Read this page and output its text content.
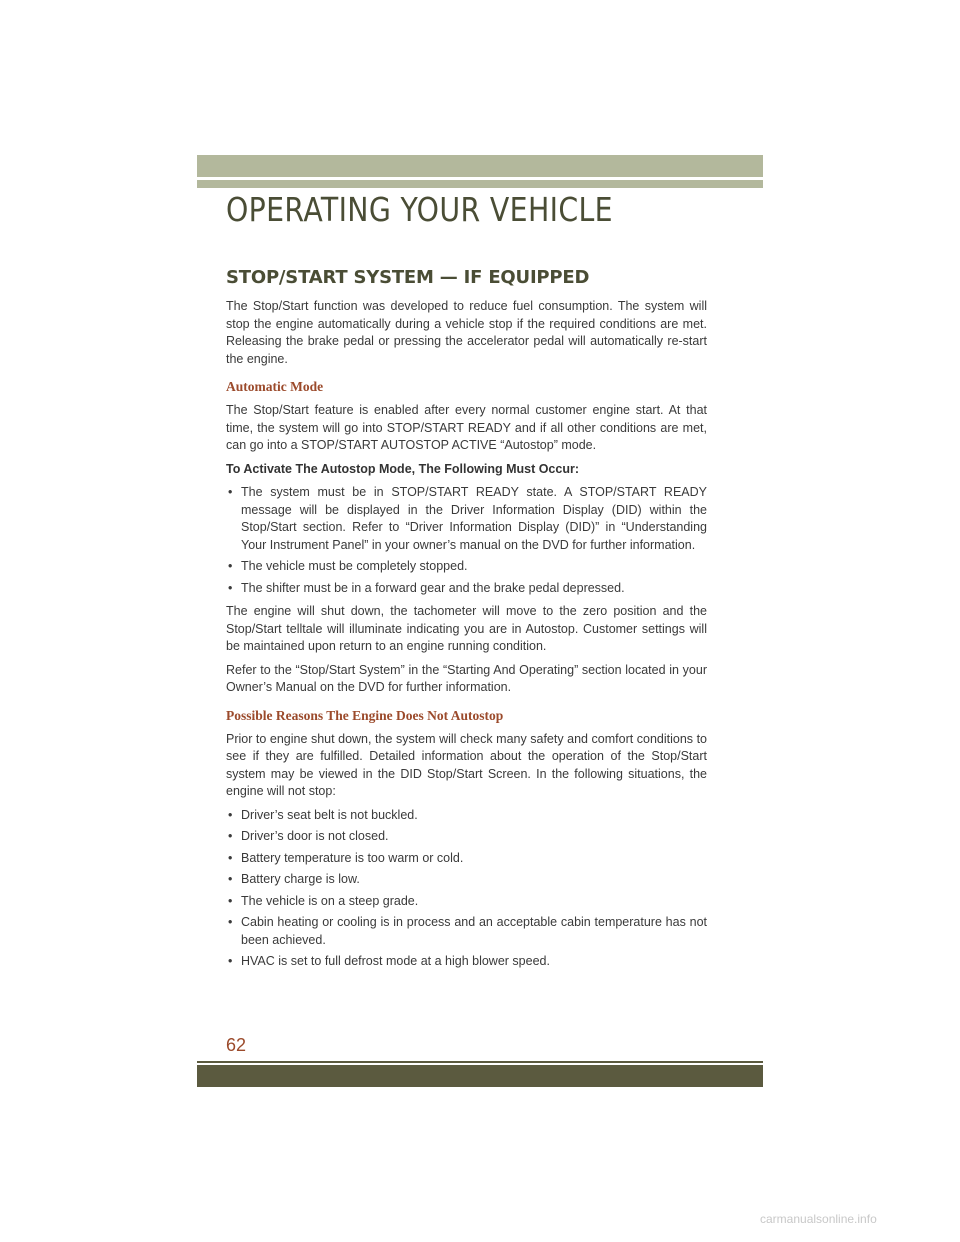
OPERATING YOUR VEHICLE
STOP/START SYSTEM — IF EQUIPPED

The Stop/Start function was developed to reduce fuel consumption. The system will stop the engine automatically during a vehicle stop if the required conditions are met. Releasing the brake pedal or pressing the accelerator pedal will automatically re-start the engine.

Automatic Mode

The Stop/Start feature is enabled after every normal customer engine start. At that time, the system will go into STOP/START READY and if all other conditions are met, can go into a STOP/START AUTOSTOP ACTIVE “Autostop” mode.

To Activate The Autostop Mode, The Following Must Occur:

• The system must be in STOP/START READY state. A STOP/START READY message will be displayed in the Driver Information Display (DID) within the Stop/Start section. Refer to “Driver Information Display (DID)” in “Understanding Your Instrument Panel” in your owner’s manual on the DVD for further information.
• The vehicle must be completely stopped.
• The shifter must be in a forward gear and the brake pedal depressed.

The engine will shut down, the tachometer will move to the zero position and the Stop/Start telltale will illuminate indicating you are in Autostop. Customer settings will be maintained upon return to an engine running condition.

Refer to the “Stop/Start System” in the “Starting And Operating” section located in your Owner’s Manual on the DVD for further information.

Possible Reasons The Engine Does Not Autostop

Prior to engine shut down, the system will check many safety and comfort conditions to see if they are fulfilled. Detailed information about the operation of the Stop/Start system may be viewed in the DID Stop/Start Screen. In the following situations, the engine will not stop:

• Driver’s seat belt is not buckled.
• Driver’s door is not closed.
• Battery temperature is too warm or cold.
• Battery charge is low.
• The vehicle is on a steep grade.
• Cabin heating or cooling is in process and an acceptable cabin temperature has not been achieved.
• HVAC is set to full defrost mode at a high blower speed.

62

carmanualsonline.info
